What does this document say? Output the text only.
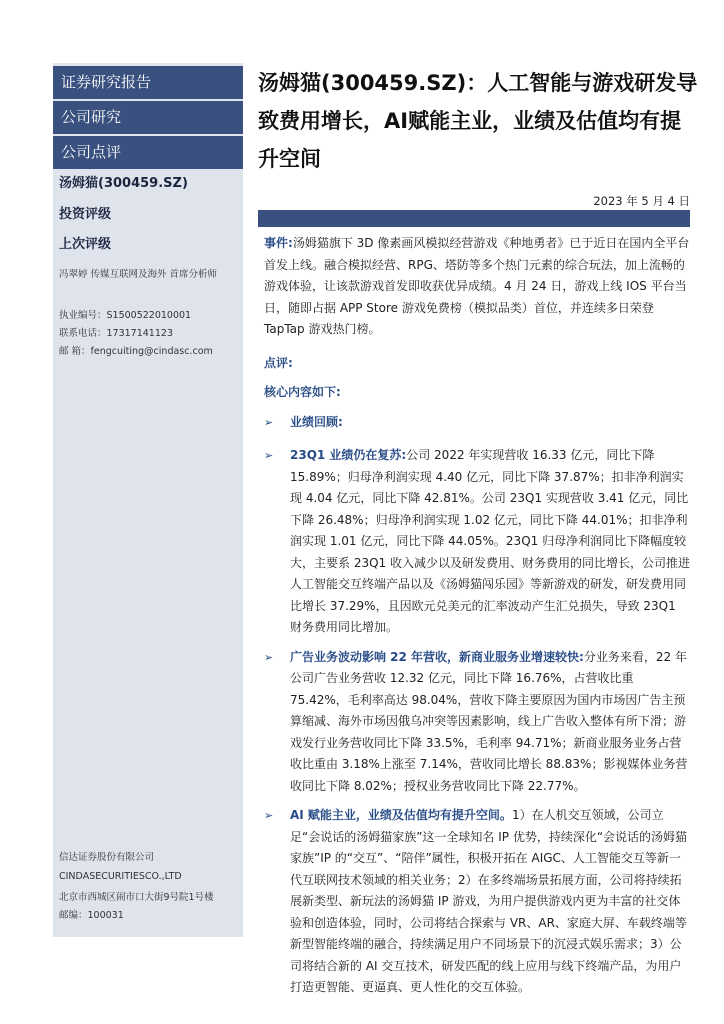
证券研究报告
公司研究
公司点评
汤姆猫(300459.SZ)
投资评级
上次评级
冯翠婷 传媒互联网及海外 首席分析师
执业编号：S1500522010001
联系电话：17317141123
邮 箱：fengcuiting@cindasc.com
信达证券股份有限公司
CINDASECURITIESCO.,LTD
北京市西城区闹市口大街9号院1号楼
邮编：100031
汤姆猫(300459.SZ)：人工智能与游戏研发导致费用增长，AI赋能主业，业绩及估值均有提升空间
2023 年 5 月 4 日

事件:汤姆猫旗下 3D 像素画风模拟经营游戏《种地勇者》已于近日在国内全平台首发上线。融合模拟经营、RPG、塔防等多个热门元素的综合玩法，加上流畅的游戏体验，让该款游戏首发即收获优异成绩。4 月 24 日，游戏上线 IOS 平台当日，随即占据 APP Store 游戏免费榜（模拟品类）首位，并连续多日荣登 TapTap 游戏热门榜。

点评:

核心内容如下:

➢ 业绩回顾:

➢ 23Q1 业绩仍在复苏:公司 2022 年实现营收 16.33 亿元，同比下降 15.89%；归母净利润实现 4.40 亿元，同比下降 37.87%；扣非净利润实现 4.04 亿元，同比下降 42.81%。公司 23Q1 实现营收 3.41 亿元，同比下降 26.48%；归母净利润实现 1.02 亿元，同比下降 44.01%；扣非净利润实现 1.01 亿元，同比下降 44.05%。23Q1 归母净利润同比下降幅度较大，主要系 23Q1 收入减少以及研发费用、财务费用的同比增长，公司推进人工智能交互终端产品以及《汤姆猫闯乐园》等新游戏的研发，研发费用同比增长 37.29%，且因欧元兑美元的汇率波动产生汇兑损失，导致 23Q1 财务费用同比增加。

➢ 广告业务波动影响 22 年营收，新商业服务业增速较快:分业务来看，22 年公司广告业务营收 12.32 亿元，同比下降 16.76%，占营收比重 75.42%，毛利率高达 98.04%，营收下降主要原因为国内市场因广告主预算缩减、海外市场因俄乌冲突等因素影响，线上广告收入整体有所下滑；游戏发行业务营收同比下降 33.5%，毛利率 94.71%；新商业服务业务占营收比重由 3.18%上涨至 7.14%，营收同比增长 88.83%；影视媒体业务营收同比下降 8.02%；授权业务营收同比下降 22.77%。

➢ AI 赋能主业，业绩及估值均有提升空间。1）在人机交互领域，公司立足“会说话的汤姆猫家族”这一全球知名 IP 优势，持续深化“会说话的汤姆猫家族”IP 的“交互”、“陪伴”属性，积极开拓在 AIGC、人工智能交互等新一代互联网技术领域的相关业务；2）在多终端场景拓展方面，公司将持续拓展新类型、新玩法的汤姆猫 IP 游戏，为用户提供游戏内更为丰富的社交体验和创造体验，同时，公司将结合探索与 VR、AR、家庭大屏、车载终端等新型智能终端的融合，持续满足用户不同场景下的沉浸式娱乐需求；3）公司将结合新的 AI 交互技术，研发匹配的线上应用与线下终端产品，为用户打造更智能、更逼真、更人性化的交互体验。
